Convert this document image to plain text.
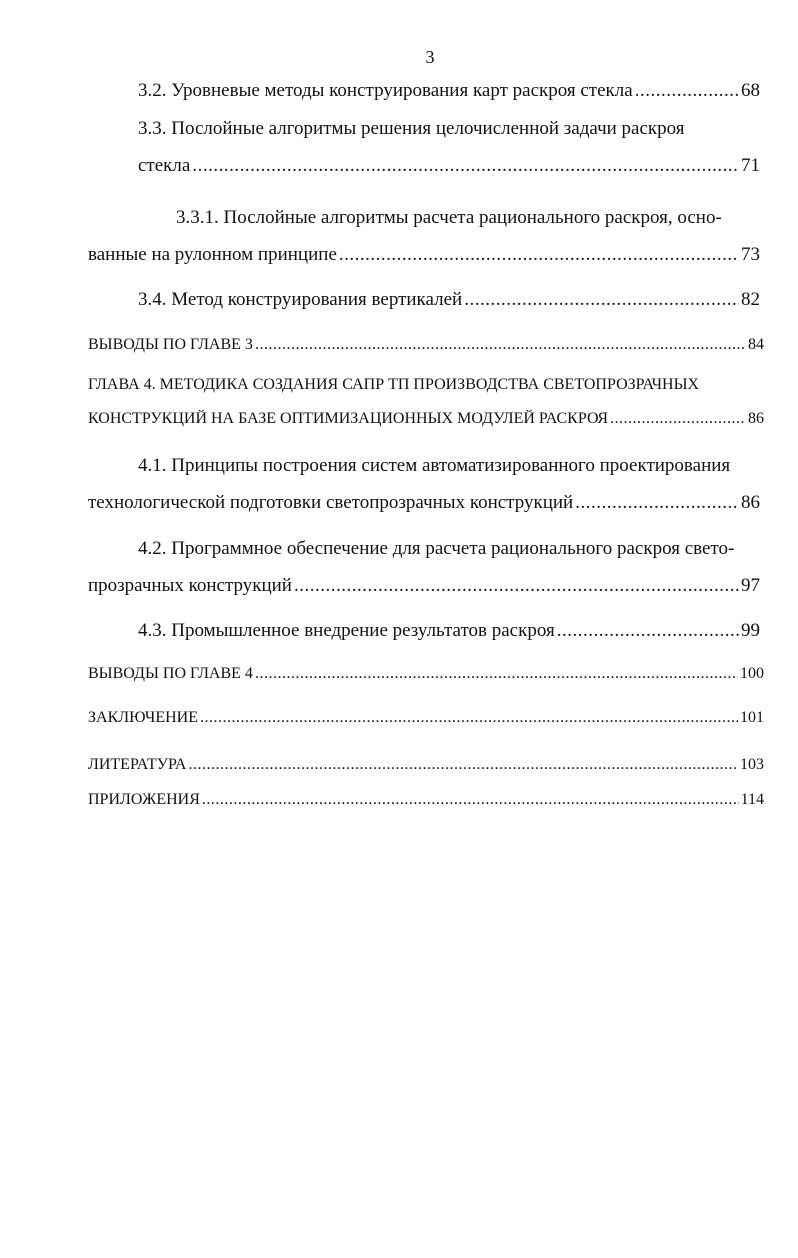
3
3.2. Уровневые методы конструирования карт раскроя стекла .....	68
3.3. Послойные алгоритмы решения целочисленной задачи раскроя
стекла .....	71
3.3.1. Послойные алгоритмы расчета рационального раскроя, осно-
ванные на рулонном принципе .....	73
3.4. Метод конструирования вертикалей .....	82
ВЫВОДЫ ПО ГЛАВЕ 3 .....	84
ГЛАВА 4. МЕТОДИКА СОЗДАНИЯ САПР ТП ПРОИЗВОДСТВА СВЕТОПРОЗРАЧНЫХ
КОНСТРУКЦИЙ НА БАЗЕ ОПТИМИЗАЦИОННЫХ МОДУЛЕЙ РАСКРОЯ .....	86
4.1. Принципы построения систем автоматизированного проектирования
технологической подготовки светопрозрачных конструкций .....	86
4.2. Программное обеспечение для расчета рационального раскроя свето-
прозрачных конструкций .....	97
4.3. Промышленное внедрение результатов раскроя .....	99
ВЫВОДЫ ПО ГЛАВЕ 4 .....	100
ЗАКЛЮЧЕНИЕ .....	101
ЛИТЕРАТУРА .....	103
ПРИЛОЖЕНИЯ .....	114
